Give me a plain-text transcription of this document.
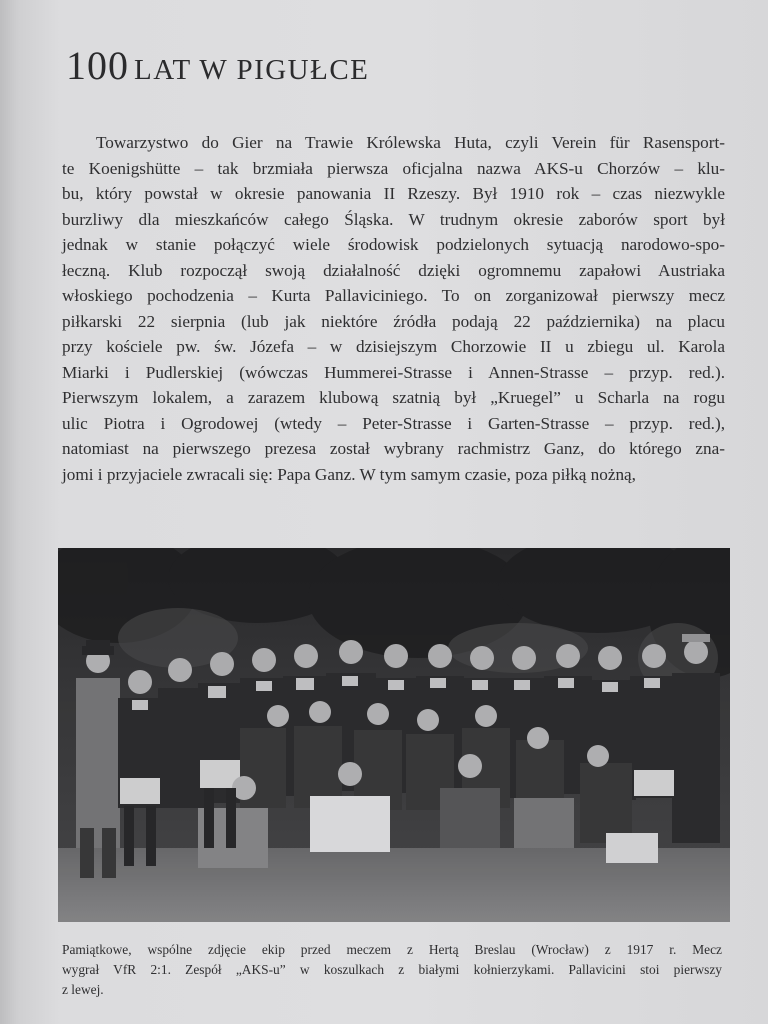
100 LAT W PIGUŁCE
Towarzystwo do Gier na Trawie Królewska Huta, czyli Verein für Rasensport-
te Koenigshütte – tak brzmiała pierwsza oficjalna nazwa AKS-u Chorzów – klu-
bu, który powstał w okresie panowania II Rzeszy. Był 1910 rok – czas niezwykle
burzliwy dla mieszkańców całego Śląska. W trudnym okresie zaborów sport był
jednak w stanie połączyć wiele środowisk podzielonych sytuacją narodowo-spo-
łeczną. Klub rozpoczął swoją działalność dzięki ogromnemu zapałowi Austriaka
włoskiego pochodzenia – Kurta Pallaviciniego. To on zorganizował pierwszy mecz
piłkarski 22 sierpnia (lub jak niektóre źródła podają 22 października) na placu
przy kościele pw. św. Józefa – w dzisiejszym Chorzowie II u zbiegu ul. Karola
Miarki i Pudlerskiej (wówczas Hummerei-Strasse i Annen-Strasse – przyp. red.).
Pierwszym lokalem, a zarazem klubową szatnią był „Kruegel” u Scharla na rogu
ulic Piotra i Ogrodowej (wtedy – Peter-Strasse i Garten-Strasse – przyp. red.),
natomiast na pierwszego prezesa został wybrany rachmistrz Ganz, do którego zna-
jomi i przyjaciele zwracali się: Papa Ganz. W tym samym czasie, poza piłką nożną,
Pamiątkowe, wspólne zdjęcie ekip przed meczem z Hertą Breslau (Wrocław) z 1917 r. Mecz
wygrał VfR 2:1. Zespół „AKS-u” w koszulkach z białymi kołnierzykami. Pallavicini stoi pierwszy
z lewej.
